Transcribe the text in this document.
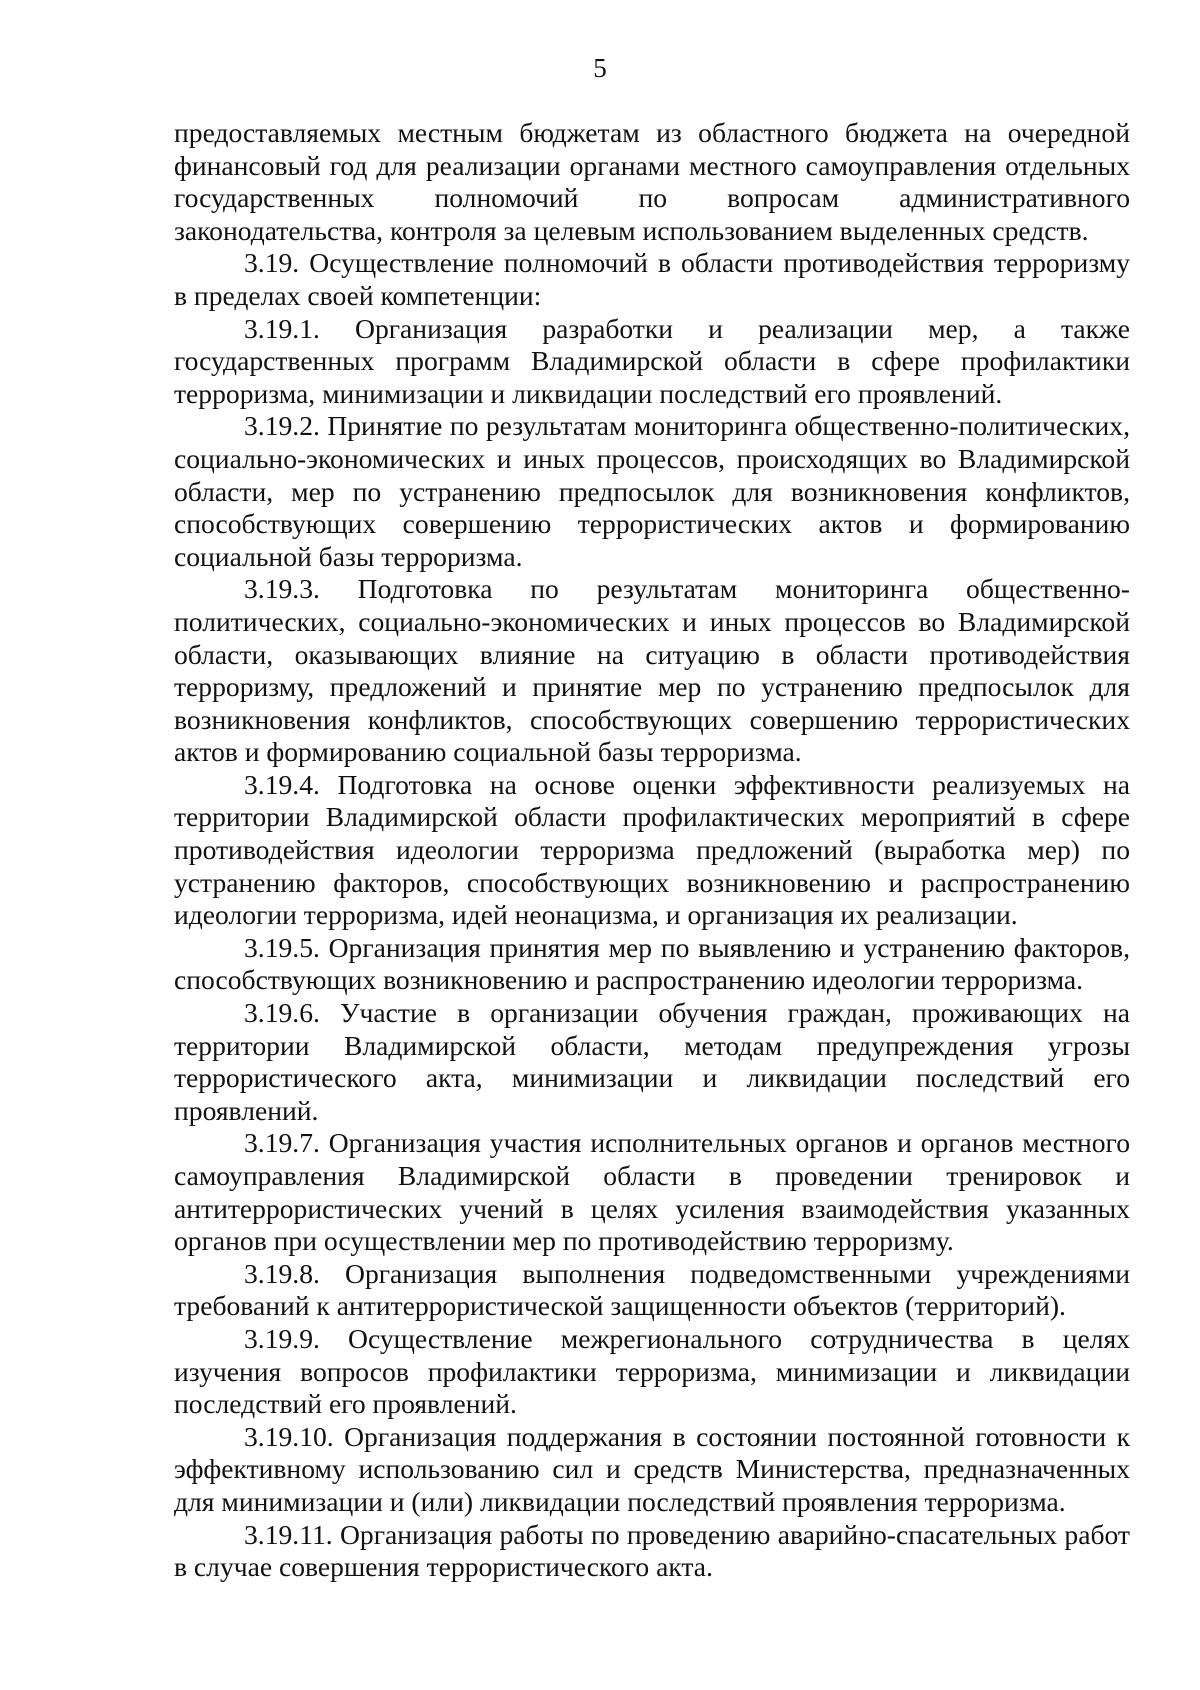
5

предоставляемых местным бюджетам из областного бюджета на очередной финансовый год для реализации органами местного самоуправления отдельных государственных полномочий по вопросам административного законодательства, контроля за целевым использованием выделенных средств.

3.19. Осуществление полномочий в области противодействия терроризму в пределах своей компетенции:

3.19.1. Организация разработки и реализации мер, а также государственных программ Владимирской области в сфере профилактики терроризма, минимизации и ликвидации последствий его проявлений.

3.19.2. Принятие по результатам мониторинга общественно-политических, социально-экономических и иных процессов, происходящих во Владимирской области, мер по устранению предпосылок для возникновения конфликтов, способствующих совершению террористических актов и формированию социальной базы терроризма.

3.19.3. Подготовка по результатам мониторинга общественно-политических, социально-экономических и иных процессов во Владимирской области, оказывающих влияние на ситуацию в области противодействия терроризму, предложений и принятие мер по устранению предпосылок для возникновения конфликтов, способствующих совершению террористических актов и формированию социальной базы терроризма.

3.19.4. Подготовка на основе оценки эффективности реализуемых на территории Владимирской области профилактических мероприятий в сфере противодействия идеологии терроризма предложений (выработка мер) по устранению факторов, способствующих возникновению и распространению идеологии терроризма, идей неонацизма, и организация их реализации.

3.19.5. Организация принятия мер по выявлению и устранению факторов, способствующих возникновению и распространению идеологии терроризма.

3.19.6. Участие в организации обучения граждан, проживающих на территории Владимирской области, методам предупреждения угрозы террористического акта, минимизации и ликвидации последствий его проявлений.

3.19.7. Организация участия исполнительных органов и органов местного самоуправления Владимирской области в проведении тренировок и антитеррористических учений в целях усиления взаимодействия указанных органов при осуществлении мер по противодействию терроризму.

3.19.8. Организация выполнения подведомственными учреждениями требований к антитеррористической защищенности объектов (территорий).

3.19.9. Осуществление межрегионального сотрудничества в целях изучения вопросов профилактики терроризма, минимизации и ликвидации последствий его проявлений.

3.19.10. Организация поддержания в состоянии постоянной готовности к эффективному использованию сил и средств Министерства, предназначенных для минимизации и (или) ликвидации последствий проявления терроризма.

3.19.11. Организация работы по проведению аварийно-спасательных работ в случае совершения террористического акта.
